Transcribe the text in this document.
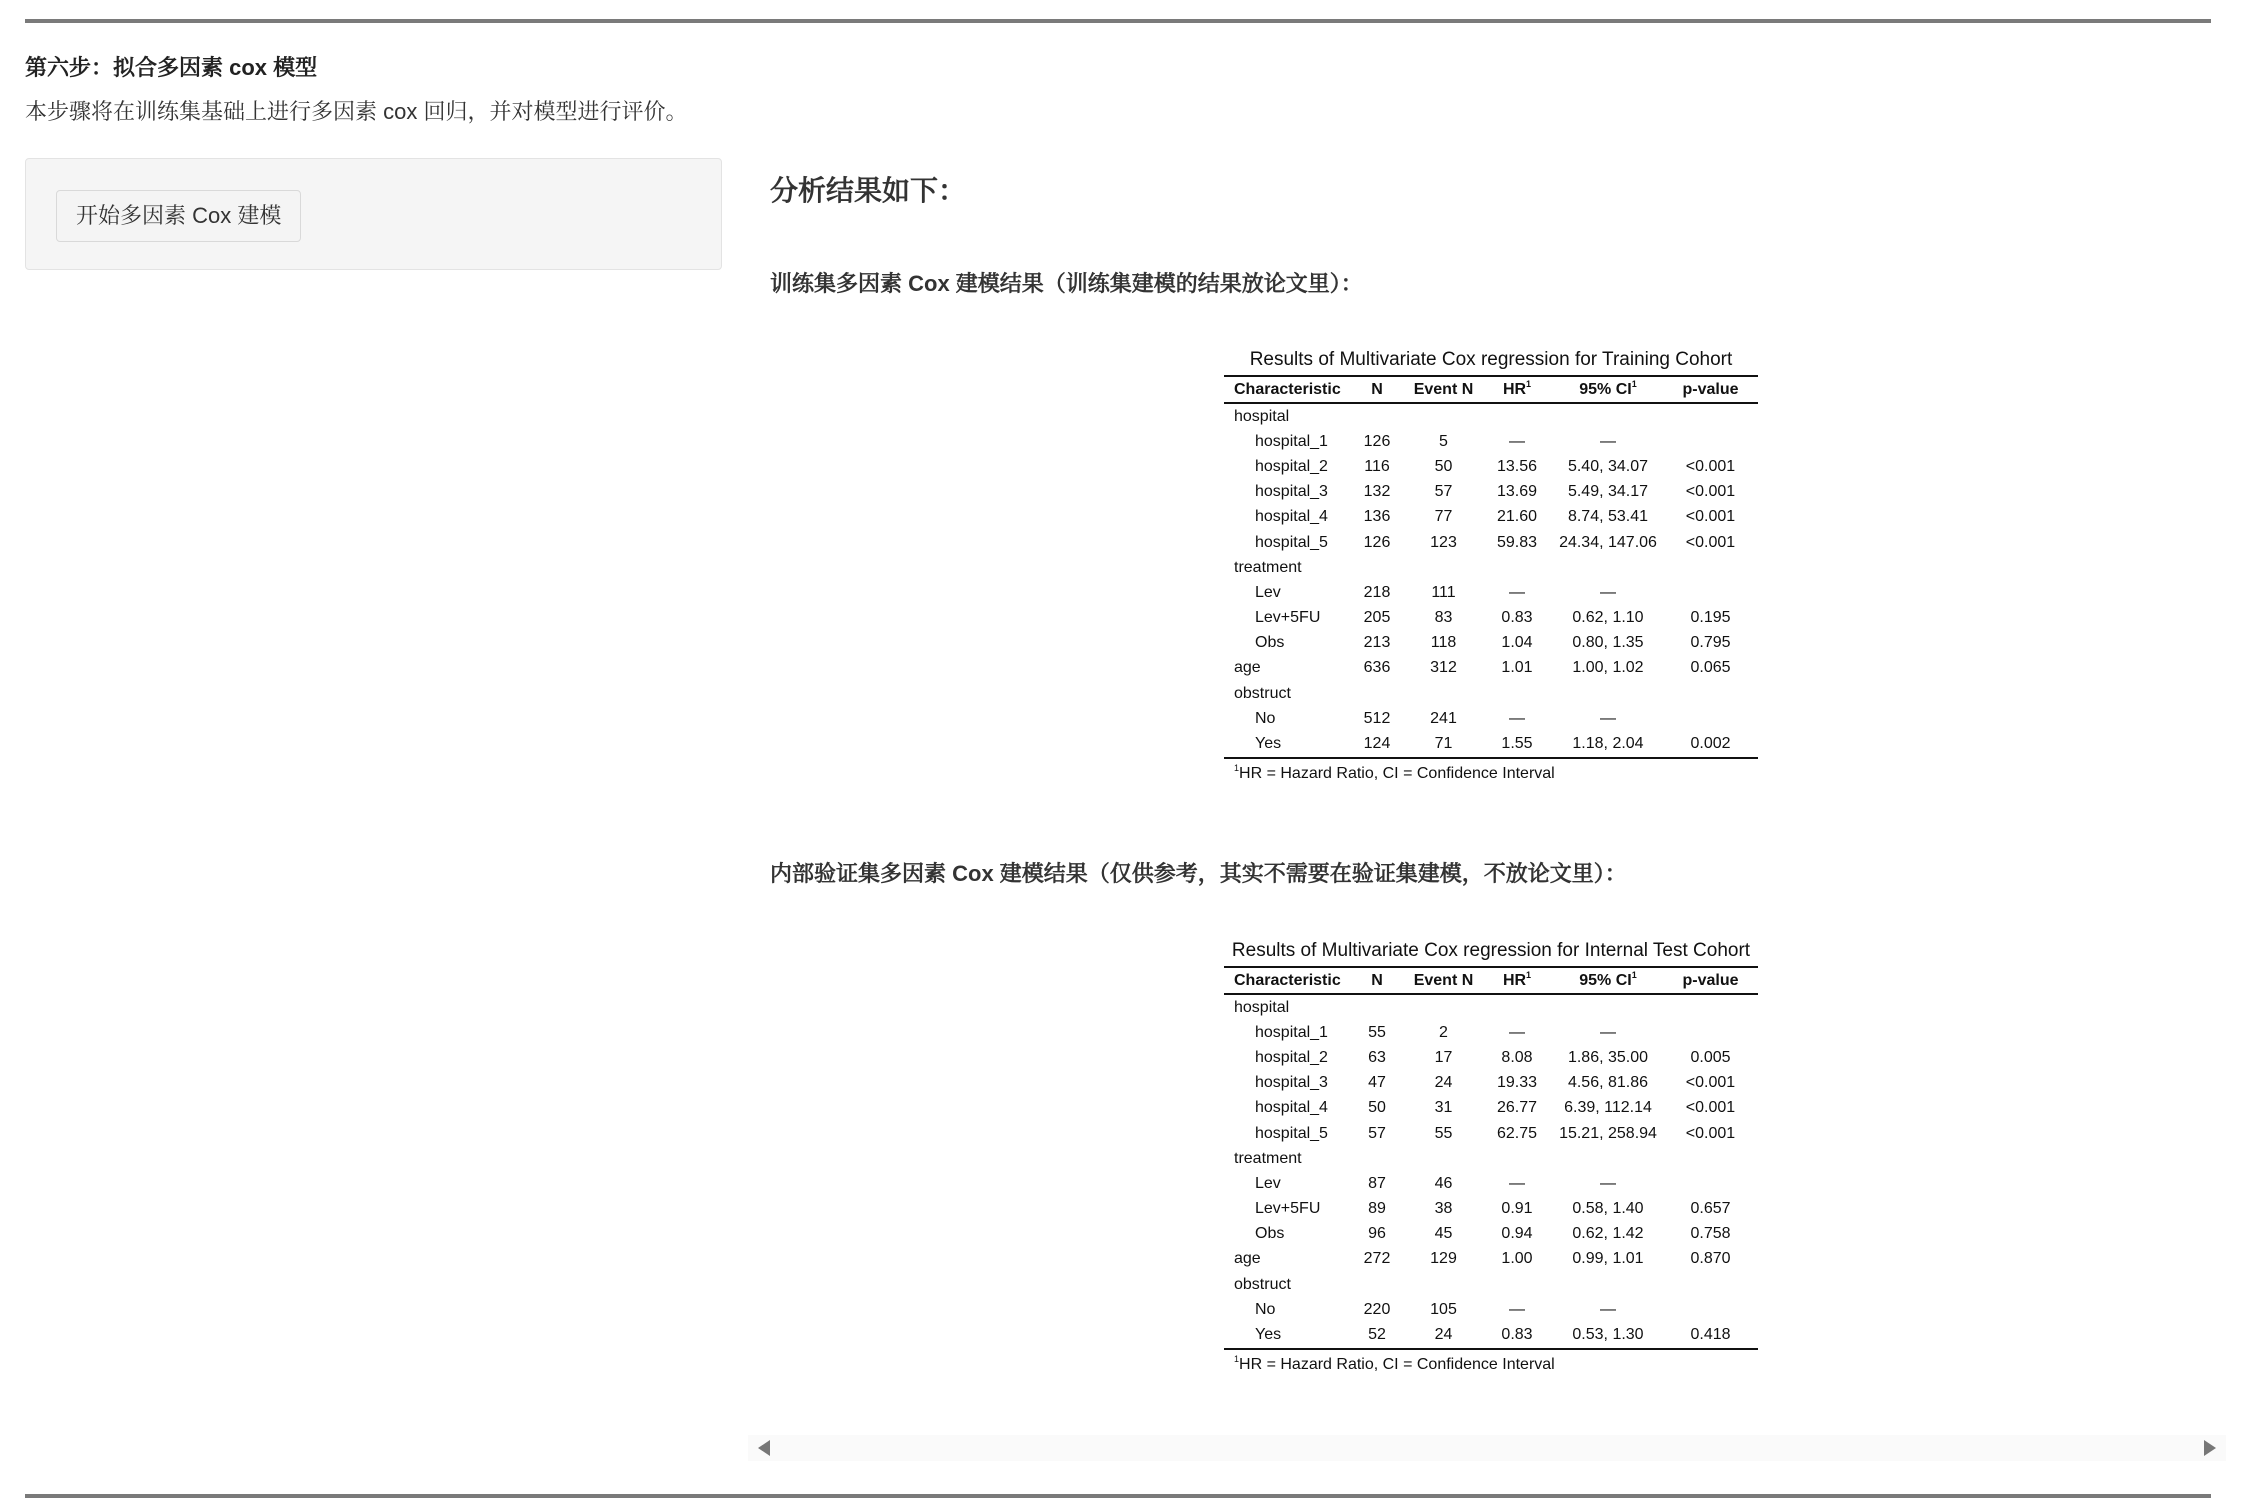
第六步：拟合多因素 cox 模型
本步骤将在训练集基础上进行多因素 cox 回归，并对模型进行评价。
开始多因素 Cox 建模
分析结果如下：
训练集多因素 Cox 建模结果（训练集建模的结果放论文里）：
Results of Multivariate Cox regression for Training Cohort
Characteristic	N	Event N	$HR^1$	95% $CI^1$	p-value
hospital					
hospital_1	126	5	—	—	
hospital_2	116	50	13.56	5.40, 34.07	<0.001
hospital_3	132	57	13.69	5.49, 34.17	<0.001
hospital_4	136	77	21.60	8.74, 53.41	<0.001
hospital_5	126	123	59.83	24.34, 147.06	<0.001
treatment					
Lev	218	111	—	—	
Lev+5FU	205	83	0.83	0.62, 1.10	0.195
Obs	213	118	1.04	0.80, 1.35	0.795
age	636	312	1.01	1.00, 1.02	0.065
obstruct					
No	512	241	—	—	
Yes	124	71	1.55	1.18, 2.04	0.002
$^1$HR = Hazard Ratio, CI = Confidence Interval
内部验证集多因素 Cox 建模结果（仅供参考，其实不需要在验证集建模，不放论文里）：
Results of Multivariate Cox regression for Internal Test Cohort
Characteristic	N	Event N	$HR^1$	95% $CI^1$	p-value
hospital					
hospital_1	55	2	—	—	
hospital_2	63	17	8.08	1.86, 35.00	0.005
hospital_3	47	24	19.33	4.56, 81.86	<0.001
hospital_4	50	31	26.77	6.39, 112.14	<0.001
hospital_5	57	55	62.75	15.21, 258.94	<0.001
treatment					
Lev	87	46	—	—	
Lev+5FU	89	38	0.91	0.58, 1.40	0.657
Obs	96	45	0.94	0.62, 1.42	0.758
age	272	129	1.00	0.99, 1.01	0.870
obstruct					
No	220	105	—	—	
Yes	52	24	0.83	0.53, 1.30	0.418
$^1$HR = Hazard Ratio, CI = Confidence Interval
